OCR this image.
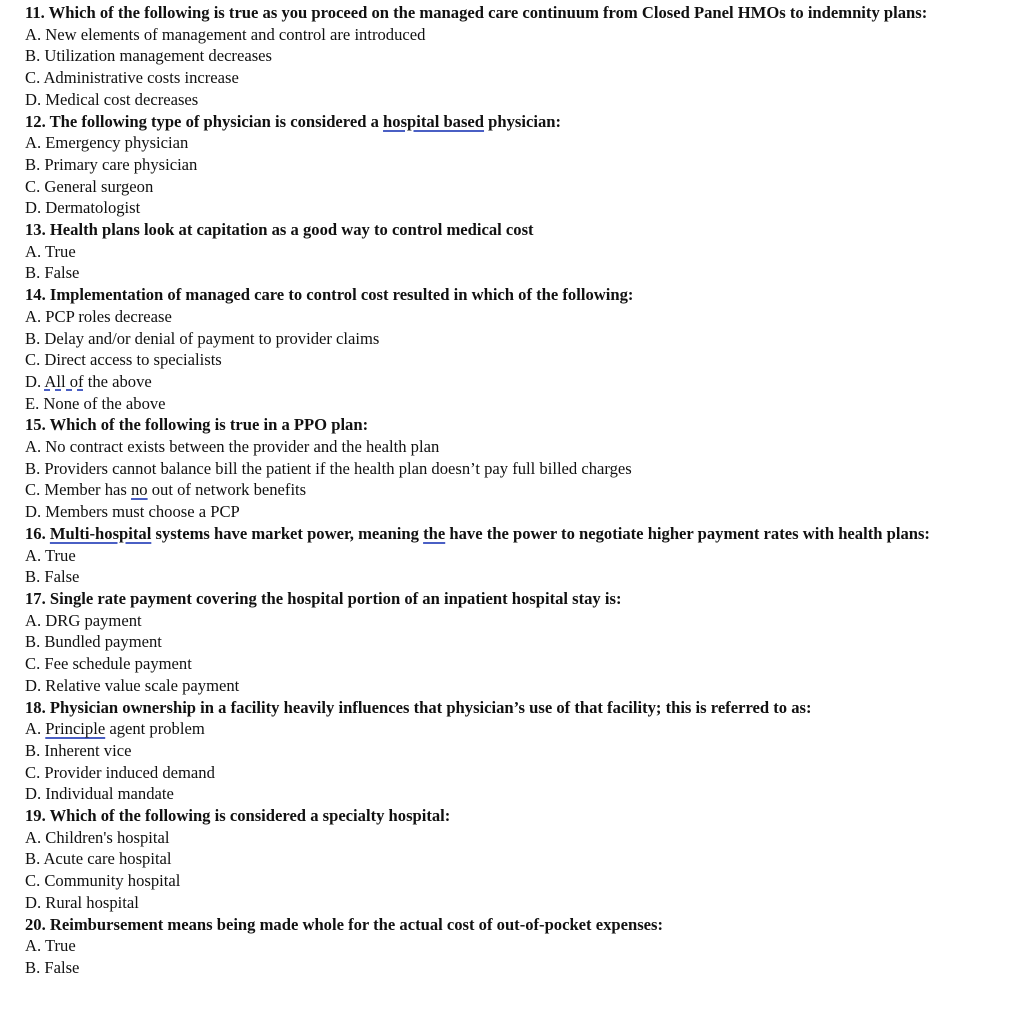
11. Which of the following is true as you proceed on the managed care continuum from Closed Panel HMOs to indemnity plans:
A. New elements of management and control are introduced
B. Utilization management decreases
C. Administrative costs increase
D. Medical cost decreases
12. The following type of physician is considered a hospital based physician:
A. Emergency physician
B. Primary care physician
C. General surgeon
D. Dermatologist
13. Health plans look at capitation as a good way to control medical cost
A. True
B. False
14. Implementation of managed care to control cost resulted in which of the following:
A. PCP roles decrease
B. Delay and/or denial of payment to provider claims
C. Direct access to specialists
D. All of the above
E. None of the above
15. Which of the following is true in a PPO plan:
A. No contract exists between the provider and the health plan
B. Providers cannot balance bill the patient if the health plan doesn’t pay full billed charges
C. Member has no out of network benefits
D. Members must choose a PCP
16. Multi-hospital systems have market power, meaning the have the power to negotiate higher payment rates with health plans:
A. True
B. False
17. Single rate payment covering the hospital portion of an inpatient hospital stay is:
A. DRG payment
B. Bundled payment
C. Fee schedule payment
D. Relative value scale payment
18. Physician ownership in a facility heavily influences that physician’s use of that facility; this is referred to as:
A. Principle agent problem
B. Inherent vice
C. Provider induced demand
D. Individual mandate
19. Which of the following is considered a specialty hospital:
A. Children's hospital
B. Acute care hospital
C. Community hospital
D. Rural hospital
20. Reimbursement means being made whole for the actual cost of out-of-pocket expenses:
A. True
B. False
